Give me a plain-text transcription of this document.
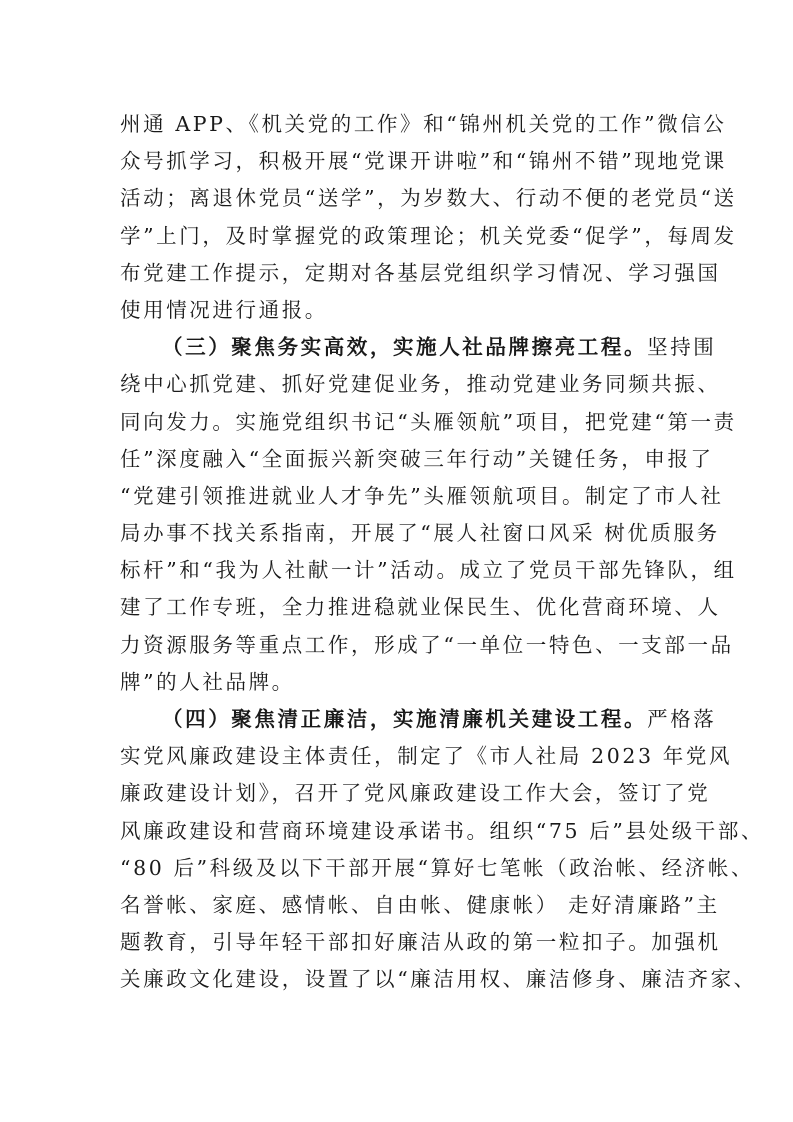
州通 APP、《机关党的工作》和“锦州机关党的工作”微信公
众号抓学习，积极开展“党课开讲啦”和“锦州不错”现地党课
活动；离退休党员“送学”，为岁数大、行动不便的老党员“送
学”上门，及时掌握党的政策理论；机关党委“促学”，每周发
布党建工作提示，定期对各基层党组织学习情况、学习强国
使用情况进行通报。
（三）聚焦务实高效，实施人社品牌擦亮工程。坚持围
绕中心抓党建、抓好党建促业务，推动党建业务同频共振、
同向发力。实施党组织书记“头雁领航”项目，把党建“第一责
任”深度融入“全面振兴新突破三年行动”关键任务，申报了
“党建引领推进就业人才争先”头雁领航项目。制定了市人社
局办事不找关系指南，开展了“展人社窗口风采 树优质服务
标杆”和“我为人社献一计”活动。成立了党员干部先锋队，组
建了工作专班，全力推进稳就业保民生、优化营商环境、人
力资源服务等重点工作，形成了“一单位一特色、一支部一品
牌”的人社品牌。
（四）聚焦清正廉洁，实施清廉机关建设工程。严格落
实党风廉政建设主体责任，制定了《市人社局 2023 年党风
廉政建设计划》，召开了党风廉政建设工作大会，签订了党
风廉政建设和营商环境建设承诺书。组织“75 后”县处级干部、
“80 后”科级及以下干部开展“算好七笔帐（政治帐、经济帐、
名誉帐、家庭、感情帐、自由帐、健康帐） 走好清廉路”主
题教育，引导年轻干部扣好廉洁从政的第一粒扣子。加强机
关廉政文化建设，设置了以“廉洁用权、廉洁修身、廉洁齐家、
